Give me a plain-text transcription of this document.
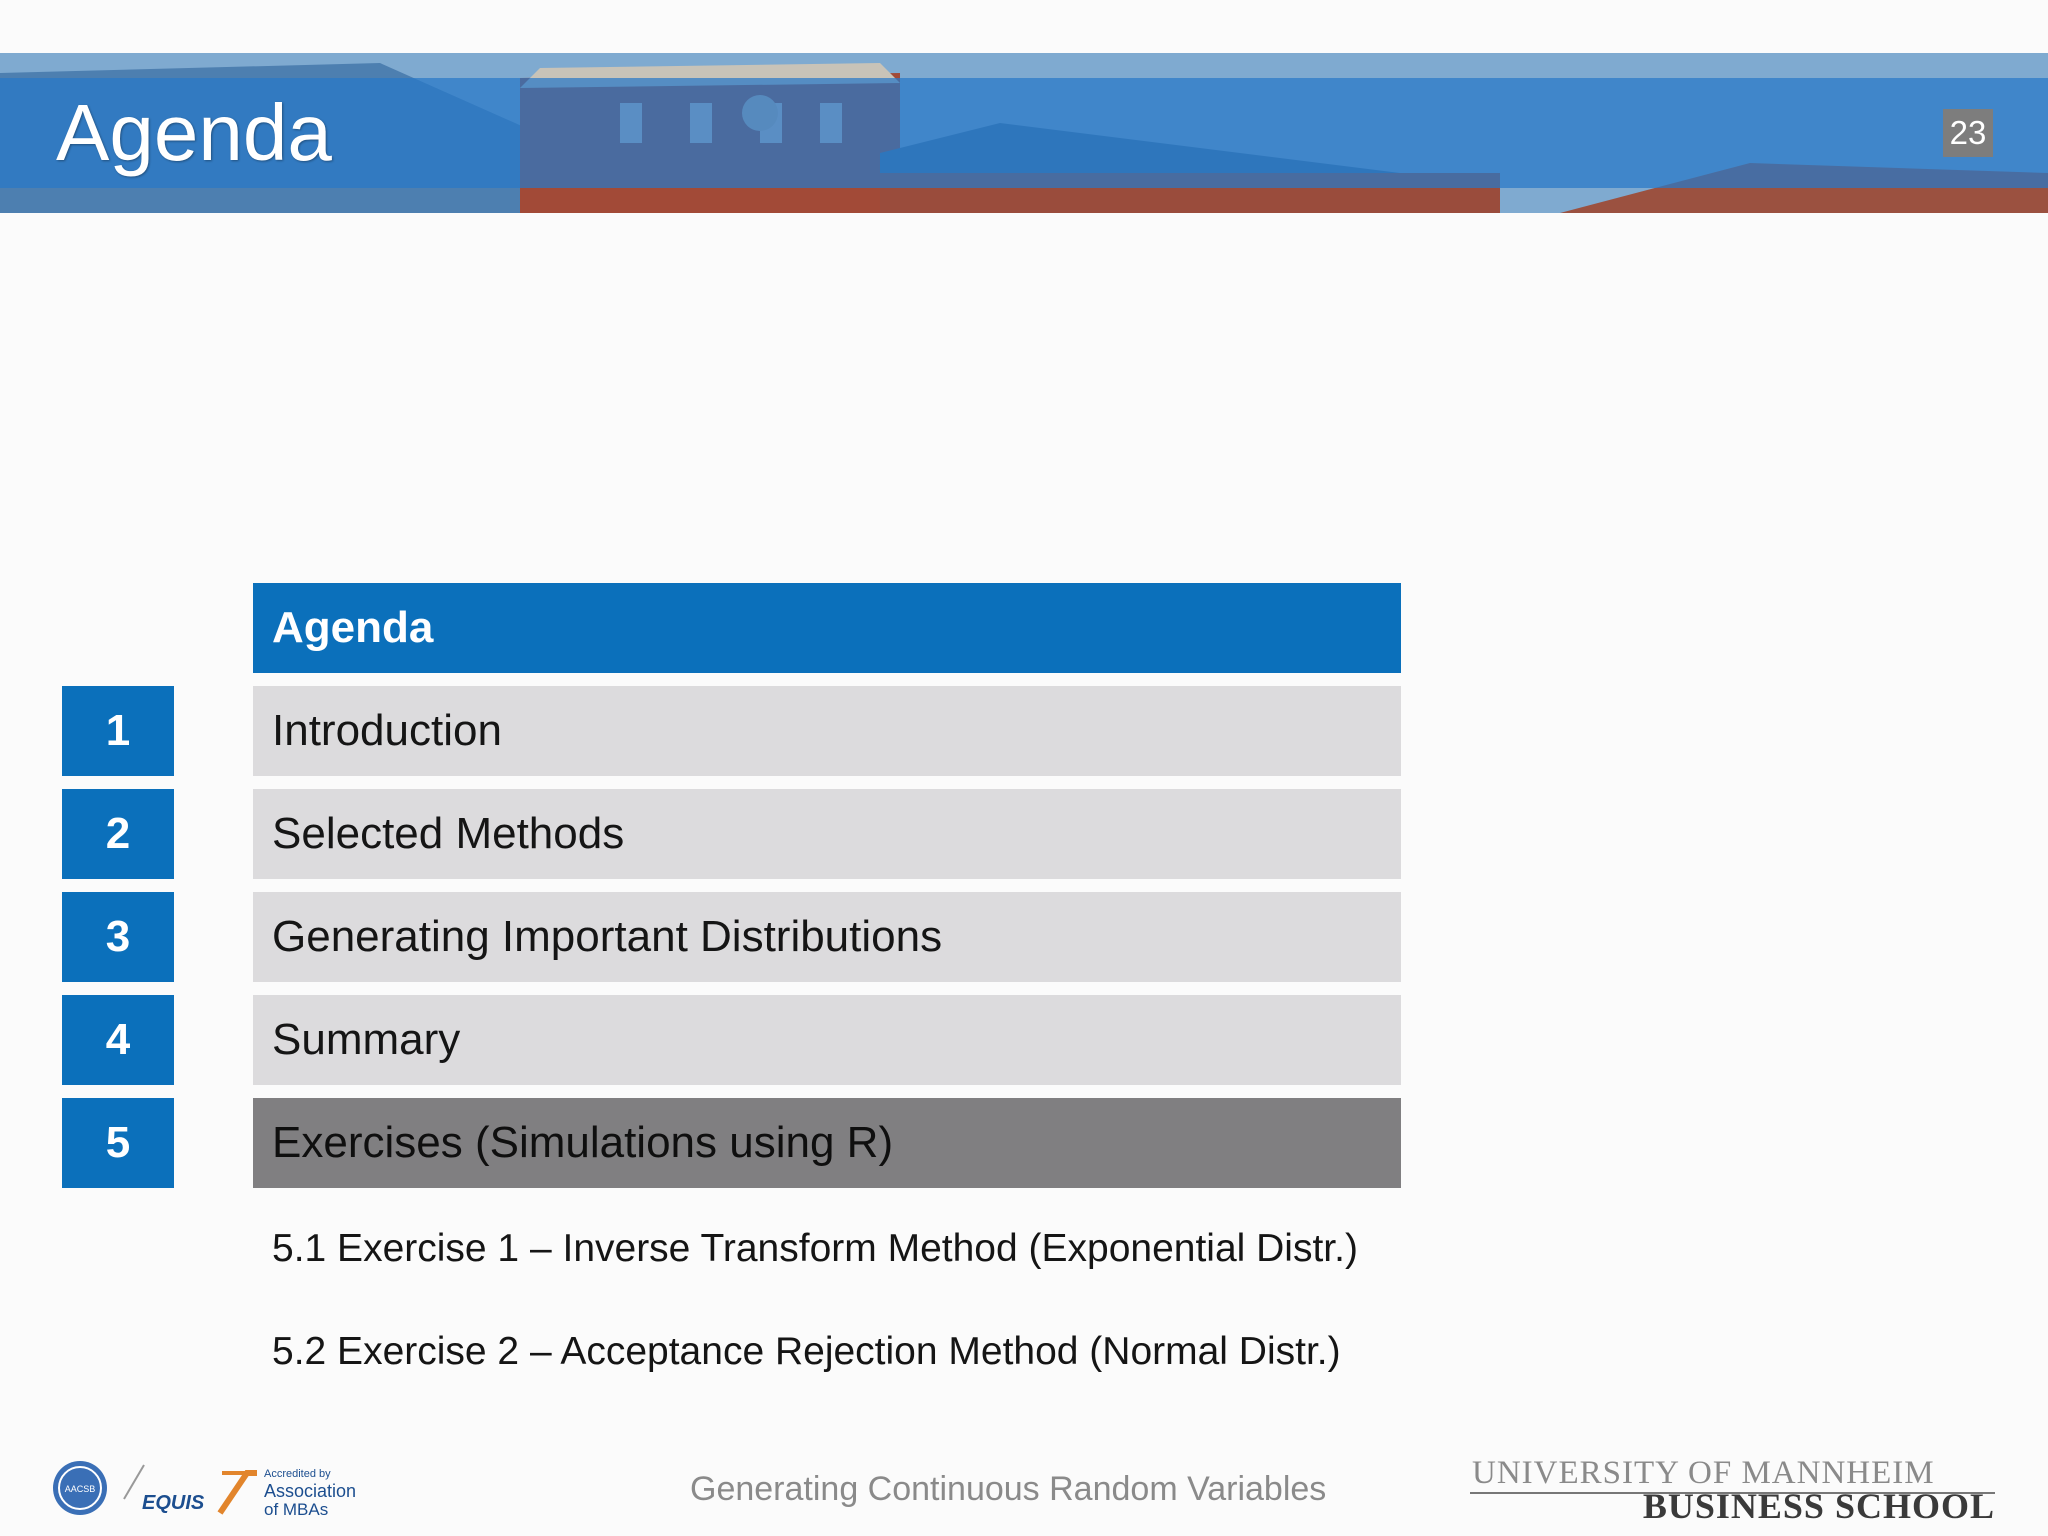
Agenda	23
Agenda
1	Introduction
2	Selected Methods
3	Generating Important Distributions
4	Summary
5	Exercises (Simulations using R)
5.1 Exercise 1 – Inverse Transform Method (Exponential Distr.)
5.2 Exercise 2 – Acceptance Rejection Method (Normal Distr.)
AACSB
EQUIS
Accredited by
Association
of MBAs
Generating Continuous Random Variables	UNIVERSITY OF MANNHEIM
BUSINESS SCHOOL
